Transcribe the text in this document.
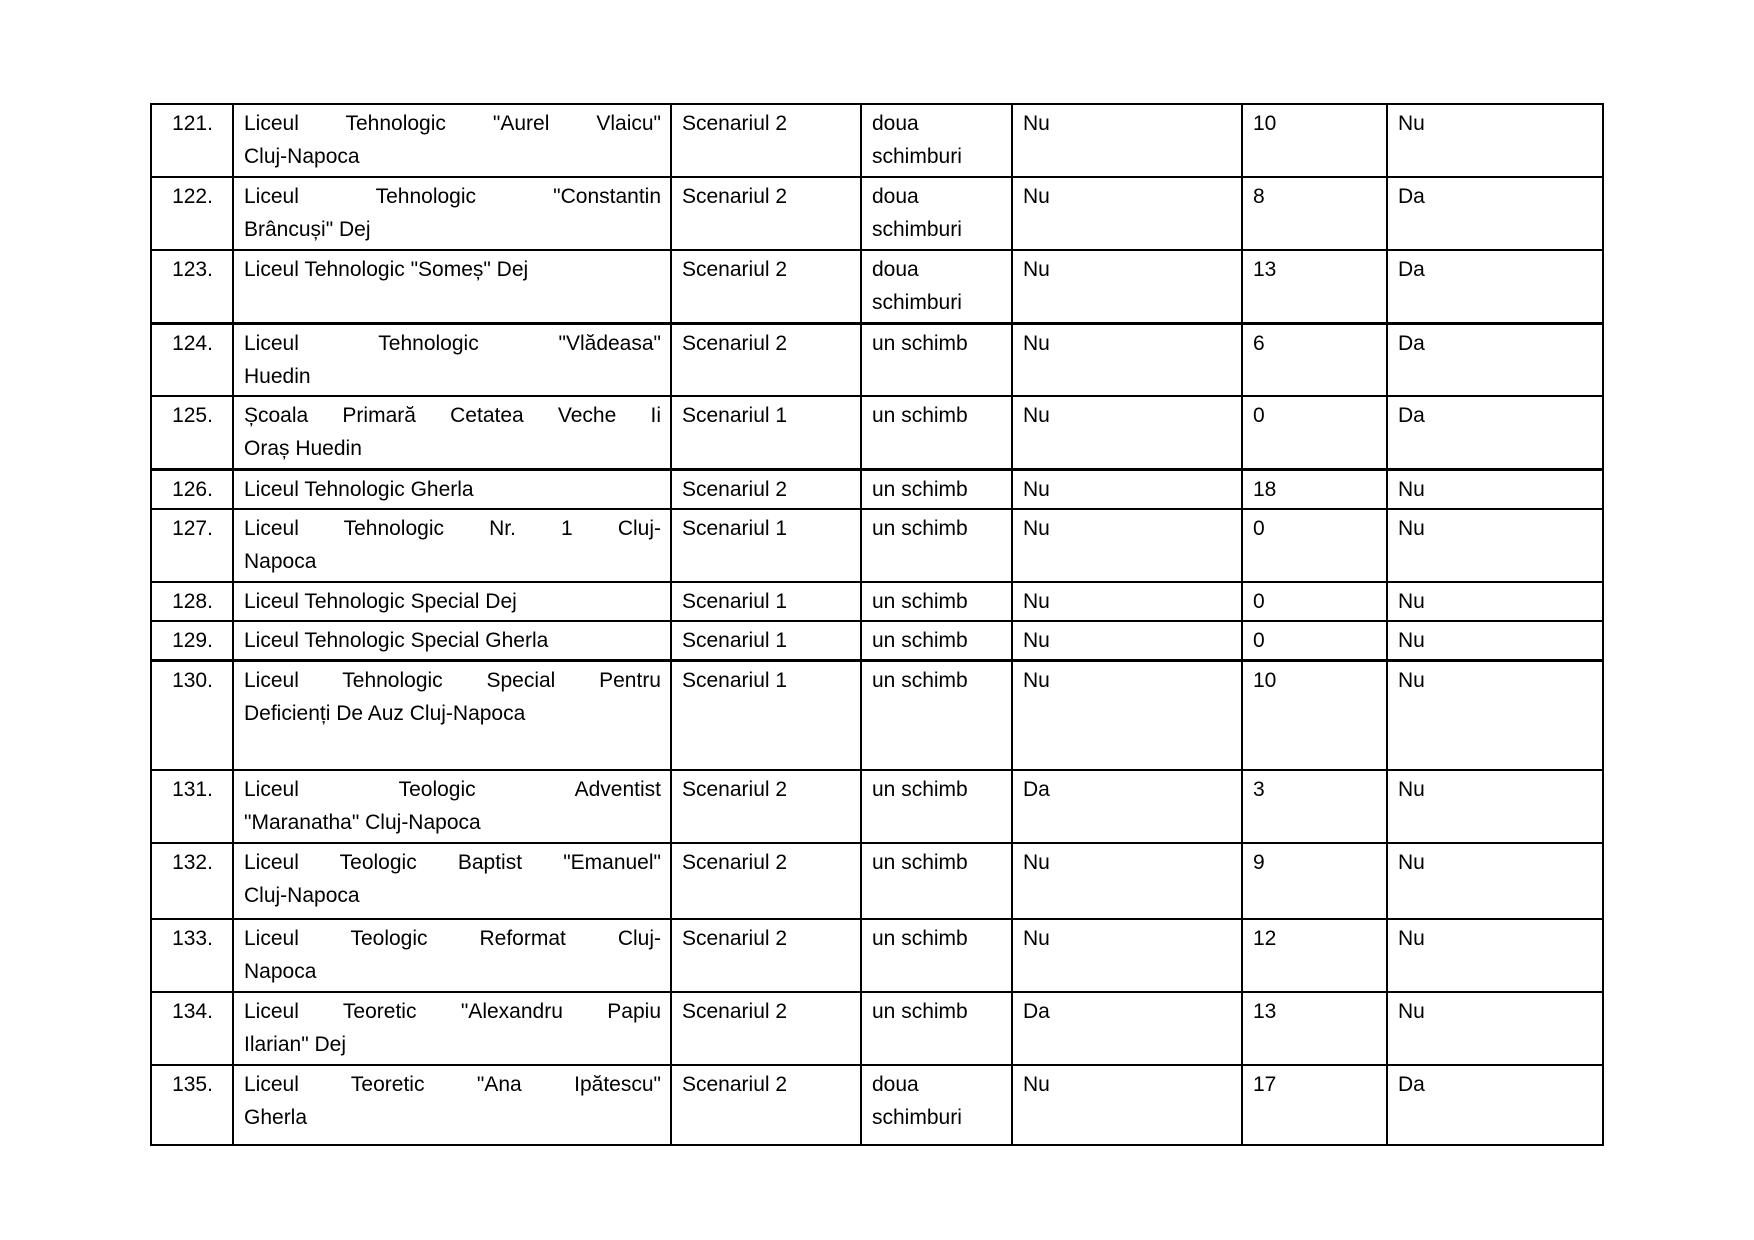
121.	Liceul Tehnologic "Aurel Vlaicu"
Cluj-Napoca
	Scenariul 2	doua
schimburi
	Nu	10	Nu
122.	Liceul Tehnologic "Constantin
Brâncuși" Dej
	Scenariul 2	doua
schimburi
	Nu	8	Da
123.	Liceul Tehnologic "Someș" Dej	Scenariul 2	doua
schimburi	Nu	13	Da
124.	Liceul Tehnologic "Vlădeasa"
Huedin	Scenariul 2	un schimb	Nu	6	Da
125.	Școala Primară Cetatea Veche Ii
Oraș Huedin	Scenariul 1	un schimb	Nu	0	Da
126.	Liceul Tehnologic Gherla	Scenariul 2	un schimb	Nu	18	Nu
127.	Liceul Tehnologic Nr. 1 Cluj-
Napoca	Scenariul 1	un schimb	Nu	0	Nu
128.	Liceul Tehnologic Special Dej	Scenariul 1	un schimb	Nu	0	Nu
129.	Liceul Tehnologic Special Gherla	Scenariul 1	un schimb	Nu	0	Nu
130.	Liceul Tehnologic Special Pentru
Deficienți De Auz Cluj-Napoca	Scenariul 1	un schimb	Nu	10	Nu
131.	Liceul Teologic Adventist
"Maranatha" Cluj-Napoca	Scenariul 2	un schimb	Da	3	Nu
132.	Liceul Teologic Baptist "Emanuel"
Cluj-Napoca	Scenariul 2	un schimb	Nu	9	Nu
133.	Liceul Teologic Reformat Cluj-
Napoca	Scenariul 2	un schimb	Nu	12	Nu
134.	Liceul Teoretic "Alexandru Papiu
Ilarian" Dej	Scenariul 2	un schimb	Da	13	Nu
135.	Liceul Teoretic "Ana Ipătescu"
Gherla
	Scenariul 2	doua
schimburi
	Nu	17	Da
